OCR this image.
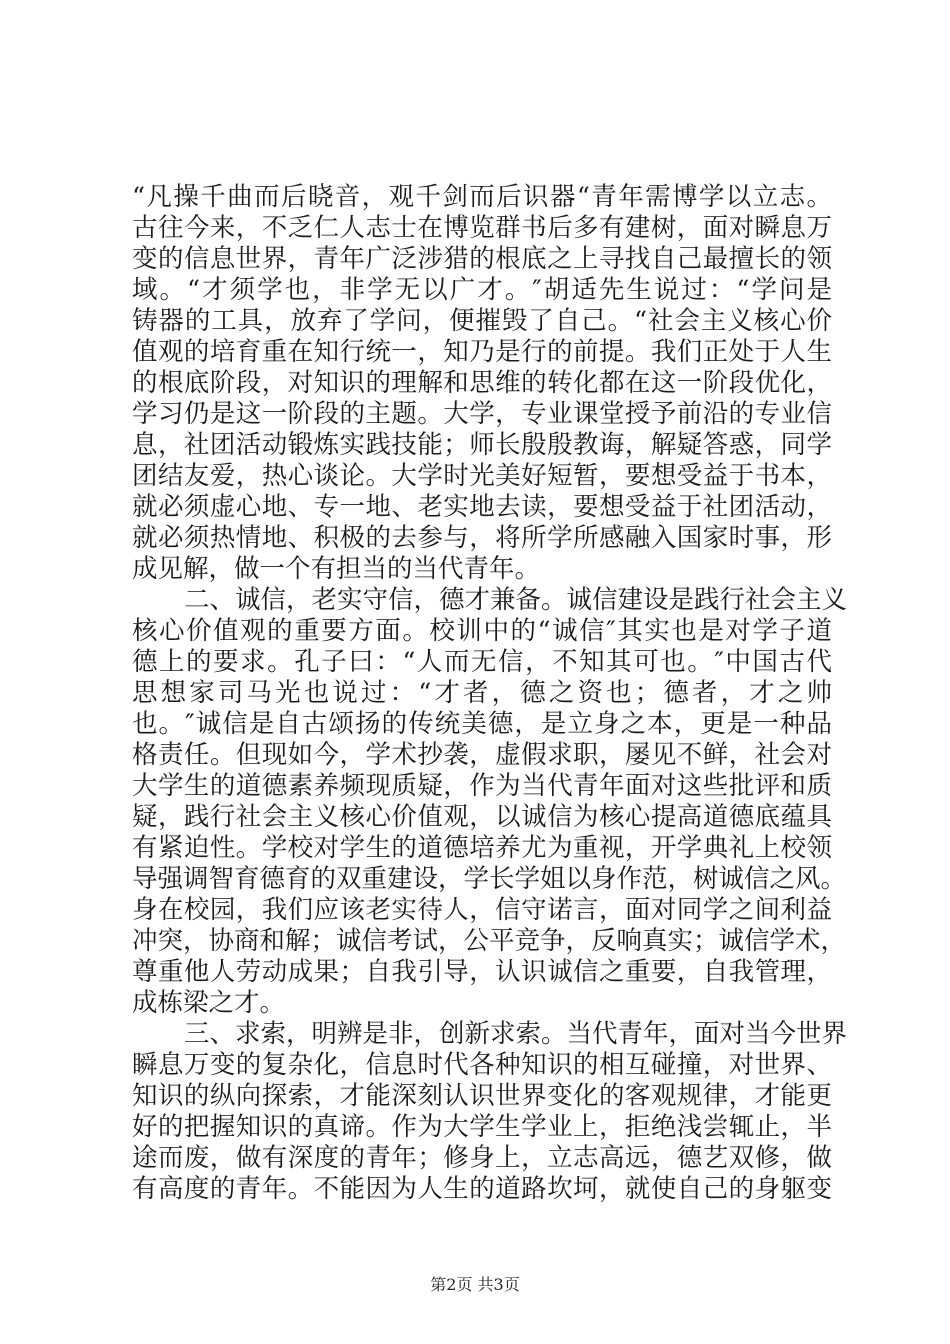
“凡操千曲而后晓音，观千剑而后识器“青年需博学以立志。
古往今来，不乏仁人志士在博览群书后多有建树，面对瞬息万
变的信息世界，青年广泛涉猎的根底之上寻找自己最擅长的领
域。“才须学也，非学无以广才。″胡适先生说过：“学问是
铸器的工具，放弃了学问，便摧毁了自己。“社会主义核心价
值观的培育重在知行统一，知乃是行的前提。我们正处于人生
的根底阶段，对知识的理解和思维的转化都在这一阶段优化，
学习仍是这一阶段的主题。大学，专业课堂授予前沿的专业信
息，社团活动锻炼实践技能；师长殷殷教诲，解疑答惑，同学
团结友爱，热心谈论。大学时光美好短暂，要想受益于书本，
就必须虚心地、专一地、老实地去读，要想受益于社团活动，
就必须热情地、积极的去参与，将所学所感融入国家时事，形
成见解，做一个有担当的当代青年。
二、诚信，老实守信，德才兼备。诚信建设是践行社会主义
核心价值观的重要方面。校训中的“诚信″其实也是对学子道
德上的要求。孔子曰：“人而无信，不知其可也。″中国古代
思想家司马光也说过：“才者，德之资也；德者，才之帅
也。″诚信是自古颂扬的传统美德，是立身之本，更是一种品
格责任。但现如今，学术抄袭，虚假求职，屡见不鲜，社会对
大学生的道德素养频现质疑，作为当代青年面对这些批评和质
疑，践行社会主义核心价值观，以诚信为核心提高道德底蕴具
有紧迫性。学校对学生的道德培养尤为重视，开学典礼上校领
导强调智育德育的双重建设，学长学姐以身作范，树诚信之风。
身在校园，我们应该老实待人，信守诺言，面对同学之间利益
冲突，协商和解；诚信考试，公平竞争，反响真实；诚信学术，
尊重他人劳动成果；自我引导，认识诚信之重要，自我管理，
成栋梁之才。
三、求索，明辨是非，创新求索。当代青年，面对当今世界
瞬息万变的复杂化，信息时代各种知识的相互碰撞，对世界、
知识的纵向探索，才能深刻认识世界变化的客观规律，才能更
好的把握知识的真谛。作为大学生学业上，拒绝浅尝辄止，半
途而废，做有深度的青年；修身上，立志高远，德艺双修，做
有高度的青年。不能因为人生的道路坎坷，就使自己的身躯变
第2页 共3页
